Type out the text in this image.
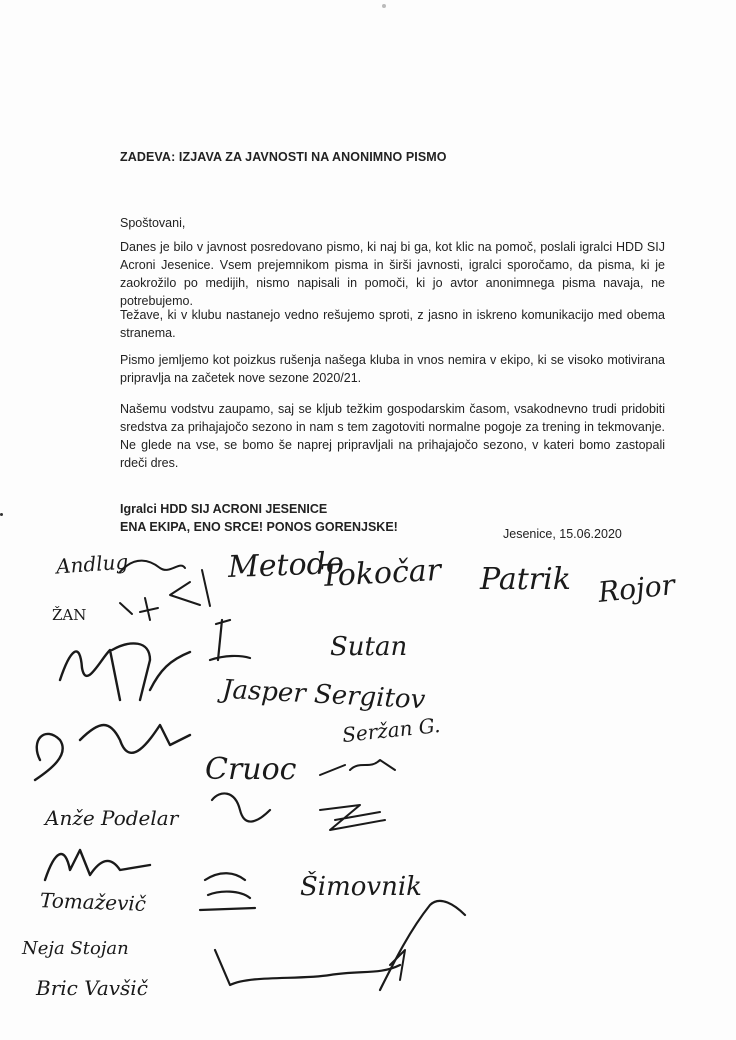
ZADEVA: IZJAVA ZA JAVNOSTI NA ANONIMNO PISMO
Spoštovani,
Danes je bilo v javnost posredovano pismo, ki naj bi ga, kot klic na pomoč, poslali igralci HDD SIJ Acroni Jesenice. Vsem prejemnikom pisma in širši javnosti, igralci sporočamo, da pisma, ki je zaokrožilo po medijih, nismo napisali in pomoči, ki jo avtor anonimnega pisma navaja, ne potrebujemo.
Težave, ki v klubu nastanejo vedno rešujemo sproti, z jasno in iskreno komunikacijo med obema stranema.
Pismo jemljemo kot poizkus rušenja našega kluba in vnos nemira v ekipo, ki se visoko motivirana pripravlja na začetek nove sezone 2020/21.
Našemu vodstvu zaupamo, saj se kljub težkim gospodarskim časom, vsakodnevno trudi pridobiti sredstva za prihajajočo sezono in nam s tem zagotoviti normalne pogoje za trening in tekmovanje. Ne glede na vse, se bomo še naprej pripravljali na prihajajočo sezono, v kateri bomo zastopali rdeči dres.
Igralci HDD SIJ ACRONI JESENICE
ENA EKIPA, ENO SRCE! PONOS GORENJSKE!	Jesenice, 15.06.2020
Andlug	Metodo
Tokočar Patrik Rojor
ŽAN
Sutan
Jasper Sergitov
Seržan G.
Cruoc
Anže Podelar
Tomaževič	Šimovnik
Neja Stojan
Bric Vavšič
